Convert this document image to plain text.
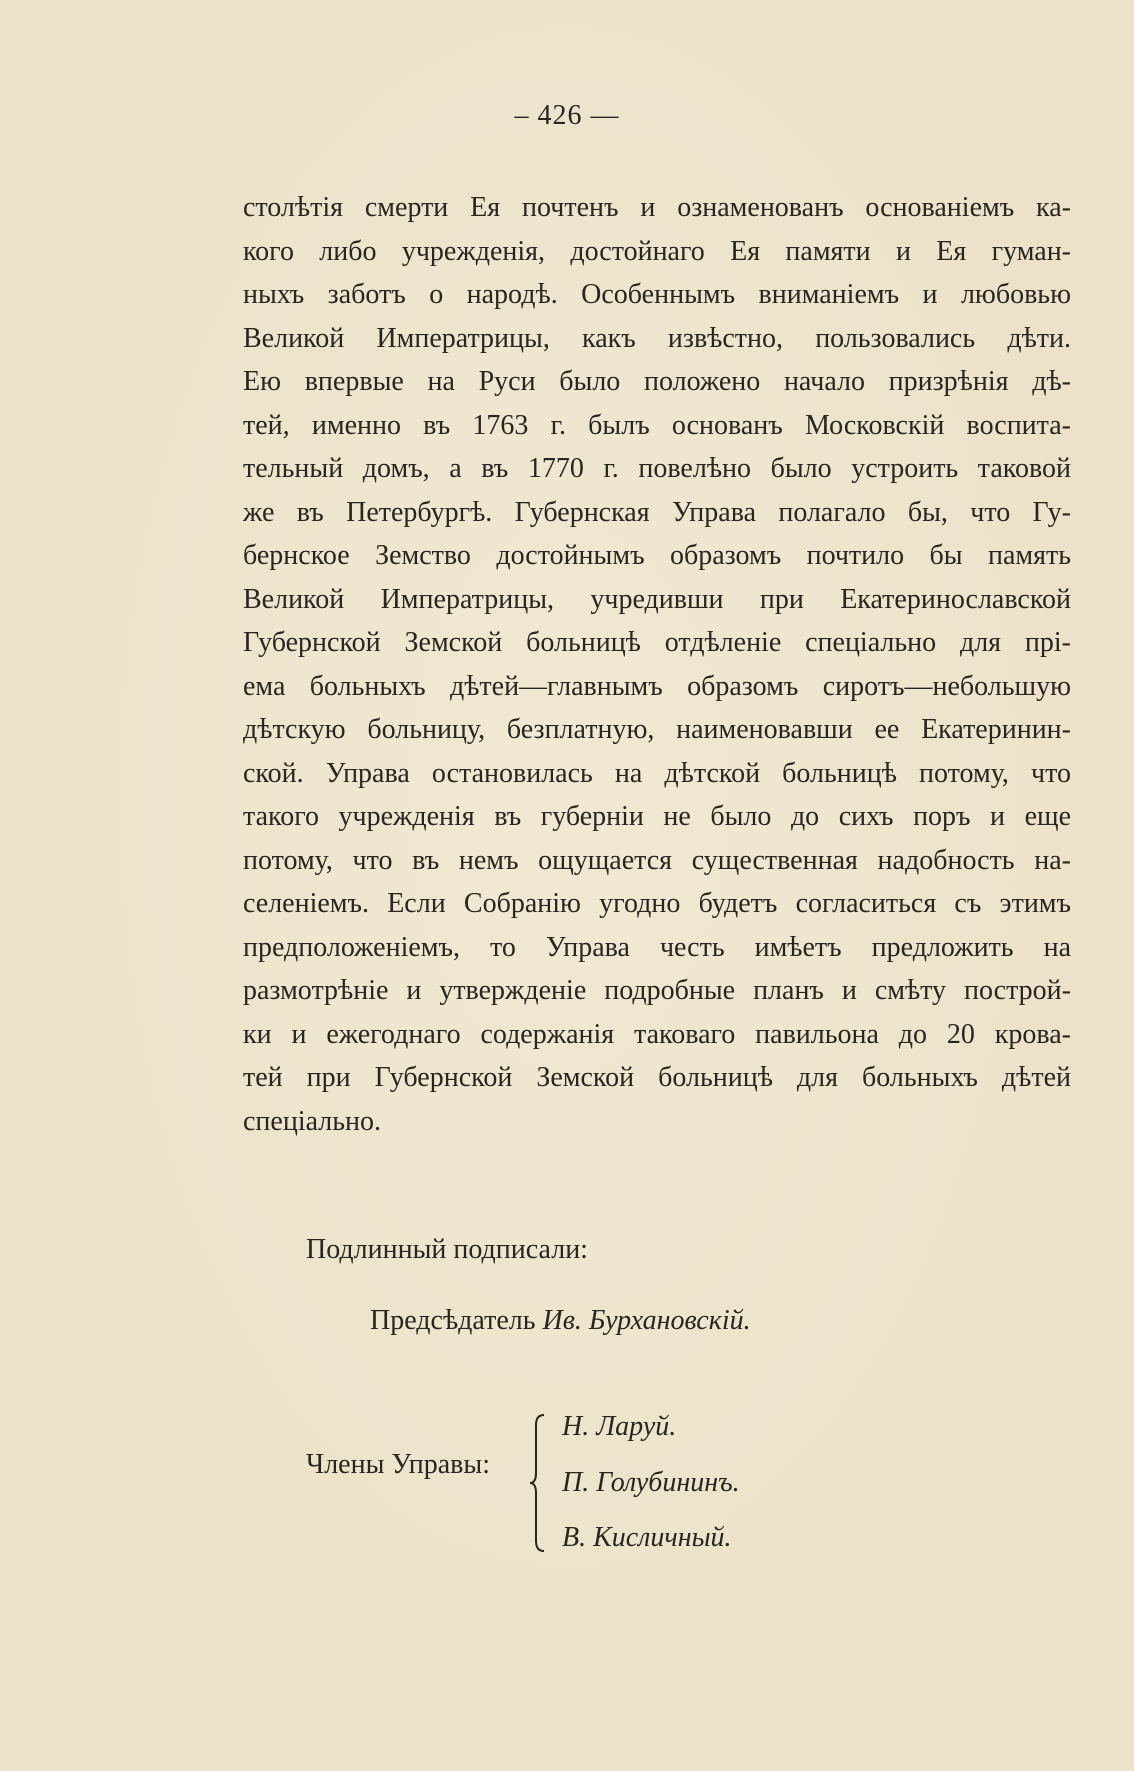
– 426 —
столѣтія смерти Ея почтенъ и ознаменованъ основаніемъ ка-
кого либо учрежденія, достойнаго Ея памяти и Ея гуман-
ныхъ заботъ о народѣ. Особеннымъ вниманіемъ и любовью
Великой Императрицы, какъ извѣстно, пользовались дѣти.
Ею впервые на Руси было положено начало призрѣнія дѣ-
тей, именно въ 1763 г. былъ основанъ Московскій воспита-
тельный домъ, а въ 1770 г. повелѣно было устроить таковой
же въ Петербургѣ. Губернская Управа полагало бы, что Гу-
бернское Земство достойнымъ образомъ почтило бы память
Великой Императрицы, учредивши при Екатеринославской
Губернской Земской больницѣ отдѣленіе спеціально для прі-
ема больныхъ дѣтей—главнымъ образомъ сиротъ—небольшую
дѣтскую больницу, безплатную, наименовавши ее Екатеринин-
ской. Управа остановилась на дѣтской больницѣ потому, что
такого учрежденія въ губерніи не было до сихъ поръ и еще
потому, что въ немъ ощущается существенная надобность на-
селеніемъ. Если Собранію угодно будетъ согласиться съ этимъ
предположеніемъ, то Управа честь имѣетъ предложить на
размотрѣніе и утвержденіе подробные планъ и смѣту построй-
ки и ежегоднаго содержанія таковаго павильона до 20 крова-
тей при Губернской Земской больницѣ для больныхъ дѣтей
спеціально.
Подлинный подписали:
Предсѣдатель Ив. Бурхановскій.
Члены Управы:
Н. Ларуй.
П. Голубининъ.
В. Кисличный.
